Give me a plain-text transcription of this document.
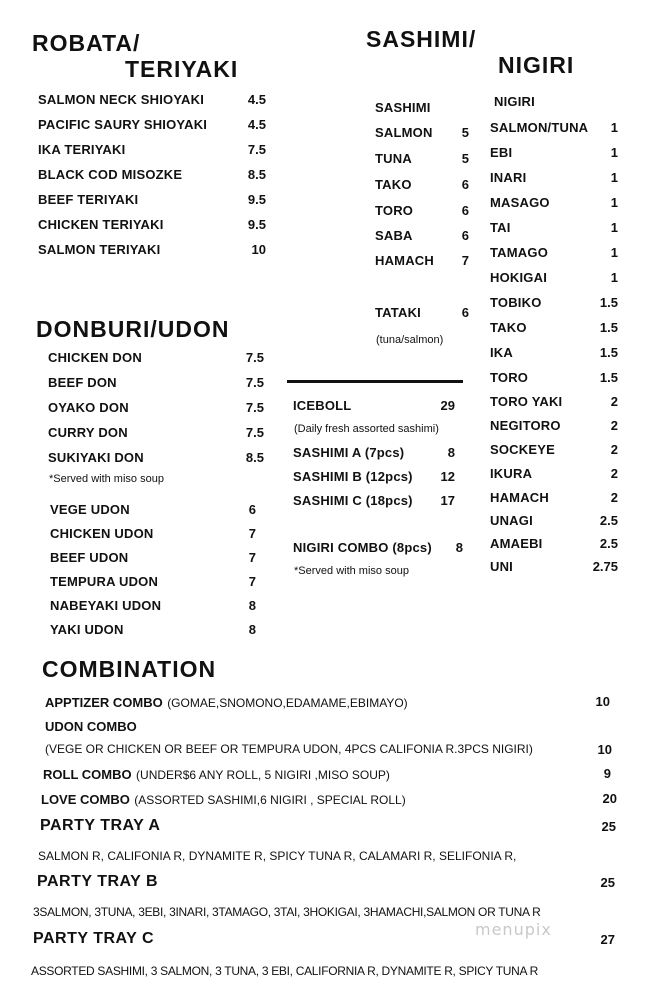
ROBATA/
TERIYAKI
SALMON NECK SHIOYAKI	4.5
PACIFIC SAURY SHIOYAKI	4.5
IKA TERIYAKI	7.5
BLACK COD MISOZKE	8.5
BEEF TERIYAKI	9.5
CHICKEN TERIYAKI	9.5
SALMON TERIYAKI	10
DONBURI/UDON
CHICKEN DON	7.5
BEEF DON	7.5
OYAKO DON	7.5
CURRY DON	7.5
SUKIYAKI DON	8.5
*Served with miso soup
VEGE UDON	6
CHICKEN UDON	7
BEEF UDON	7
TEMPURA UDON	7
NABEYAKI UDON	8
YAKI UDON	8
SASHIMI/
NIGIRI
SASHIMI
SALMON 5
TUNA	5
TAKO	6
TORO	6
SABA	6
HAMACH 7
TATAKI	6
(tuna/salmon)
NIGIRI
SALMON/TUNA 1
EBI	1
INARI	1
MASAGO	1
TAI	1
TAMAGO	1
HOKIGAI	1
TOBIKO	1.5
TAKO	1.5
IKA	1.5
TORO	1.5
TORO YAKI	2
NEGITORO	2
SOCKEYE	2
IKURA	2
HAMACH	2
UNAGI	2.5
AMAEBI	2.5
UNI	2.75
ICEBOLL	29
(Daily fresh assorted sashimi)
SASHIMI A (7pcs)	8
SASHIMI B (12pcs) 12
SASHIMI C (18pcs) 17
NIGIRI COMBO (8pcs) 8
*Served with miso soup
COMBINATION
APPTIZER COMBO (GOMAE,SNOMONO,EDAMAME,EBIMAYO)	10
UDON COMBO
(VEGE OR CHICKEN OR BEEF OR TEMPURA UDON, 4PCS CALIFONIA R.3PCS NIGIRI)	10
ROLL COMBO (UNDER$6 ANY ROLL, 5 NIGIRI ,MISO SOUP)	9
LOVE COMBO (ASSORTED SASHIMI,6 NIGIRI , SPECIAL ROLL)	20
PARTY TRAY A	25
SALMON R, CALIFONIA R, DYNAMITE R, SPICY TUNA R, CALAMARI R, SELIFONIA R,
PARTY TRAY B	25
3SALMON, 3TUNA, 3EBI, 3INARI, 3TAMAGO, 3TAI, 3HOKIGAI, 3HAMACHI,SALMON OR TUNA R
PARTY TRAY C	27
ASSORTED SASHIMI, 3 SALMON, 3 TUNA, 3 EBI, CALIFORNIA R, DYNAMITE R, SPICY TUNA R
menupix
